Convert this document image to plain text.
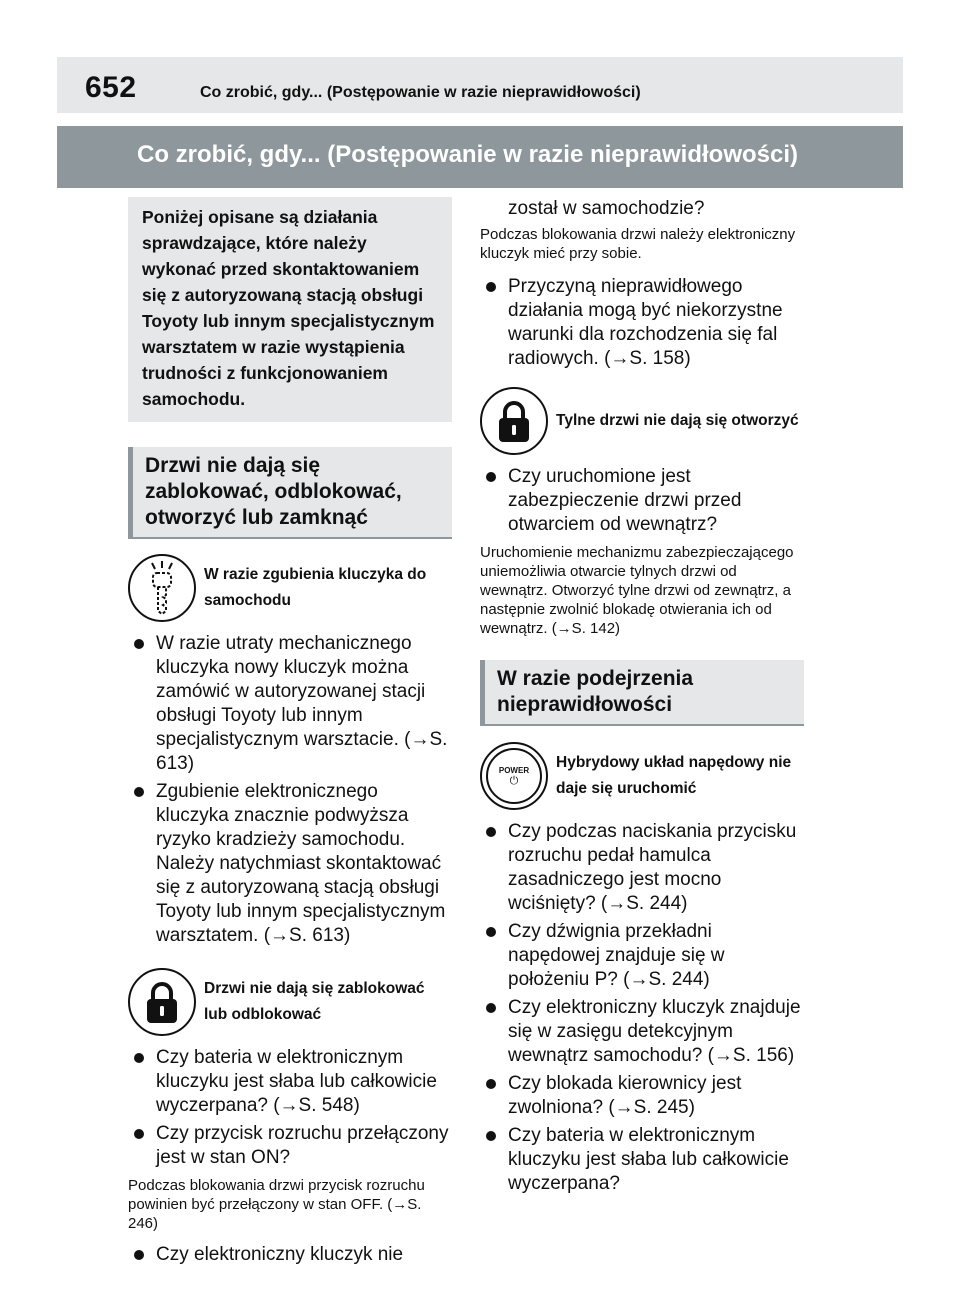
652	Co zrobić, gdy... (Postępowanie w razie nieprawidłowości)
Co zrobić, gdy... (Postępowanie w razie nieprawidłowości)
Poniżej opisane są działania sprawdzające, które należy wykonać przed skontaktowaniem się z autoryzowaną stacją obsługi Toyoty lub innym specjalistycznym warsztatem w razie wystąpienia trudności z funkcjonowaniem samochodu.
Drzwi nie dają się zablokować, odblokować, otworzyć lub zamknąć
W razie zgubienia kluczyka do samochodu
W razie utraty mechanicznego kluczyka nowy kluczyk można zamówić w autoryzowanej stacji obsługi Toyoty lub innym specjalistycznym warsztacie. (→S. 613)
Zgubienie elektronicznego kluczyka znacznie podwyższa ryzyko kradzieży samochodu. Należy natychmiast skontaktować się z autoryzowaną stacją obsługi Toyoty lub innym specjalistycznym warsztatem. (→S. 613)
Drzwi nie dają się zablokować lub odblokować
Czy bateria w elektronicznym kluczyku jest słaba lub całkowicie wyczerpana? (→S. 548)
Czy przycisk rozruchu przełączony jest w stan ON?
Podczas blokowania drzwi przycisk rozruchu powinien być przełączony w stan OFF. (→S. 246)
Czy elektroniczny kluczyk nie
został w samochodzie?
Podczas blokowania drzwi należy elektroniczny kluczyk mieć przy sobie.
Przyczyną nieprawidłowego działania mogą być niekorzystne warunki dla rozchodzenia się fal radiowych. (→S. 158)
Tylne drzwi nie dają się otworzyć
Czy uruchomione jest zabezpieczenie drzwi przed otwarciem od wewnątrz?
Uruchomienie mechanizmu zabezpieczającego uniemożliwia otwarcie tylnych drzwi od wewnątrz. Otworzyć tylne drzwi od zewnątrz, a następnie zwolnić blokadę otwierania ich od wewnątrz. (→S. 142)
W razie podejrzenia nieprawidłowości
POWER
⏻
Hybrydowy układ napędowy nie daje się uruchomić
Czy podczas naciskania przycisku rozruchu pedał hamulca zasadniczego jest mocno wciśnięty? (→S. 244)
Czy dźwignia przekładni napędowej znajduje się w położeniu P? (→S. 244)
Czy elektroniczny kluczyk znajduje się w zasięgu detekcyjnym wewnątrz samochodu? (→S. 156)
Czy blokada kierownicy jest zwolniona? (→S. 245)
Czy bateria w elektronicznym kluczyku jest słaba lub całkowicie wyczerpana?
